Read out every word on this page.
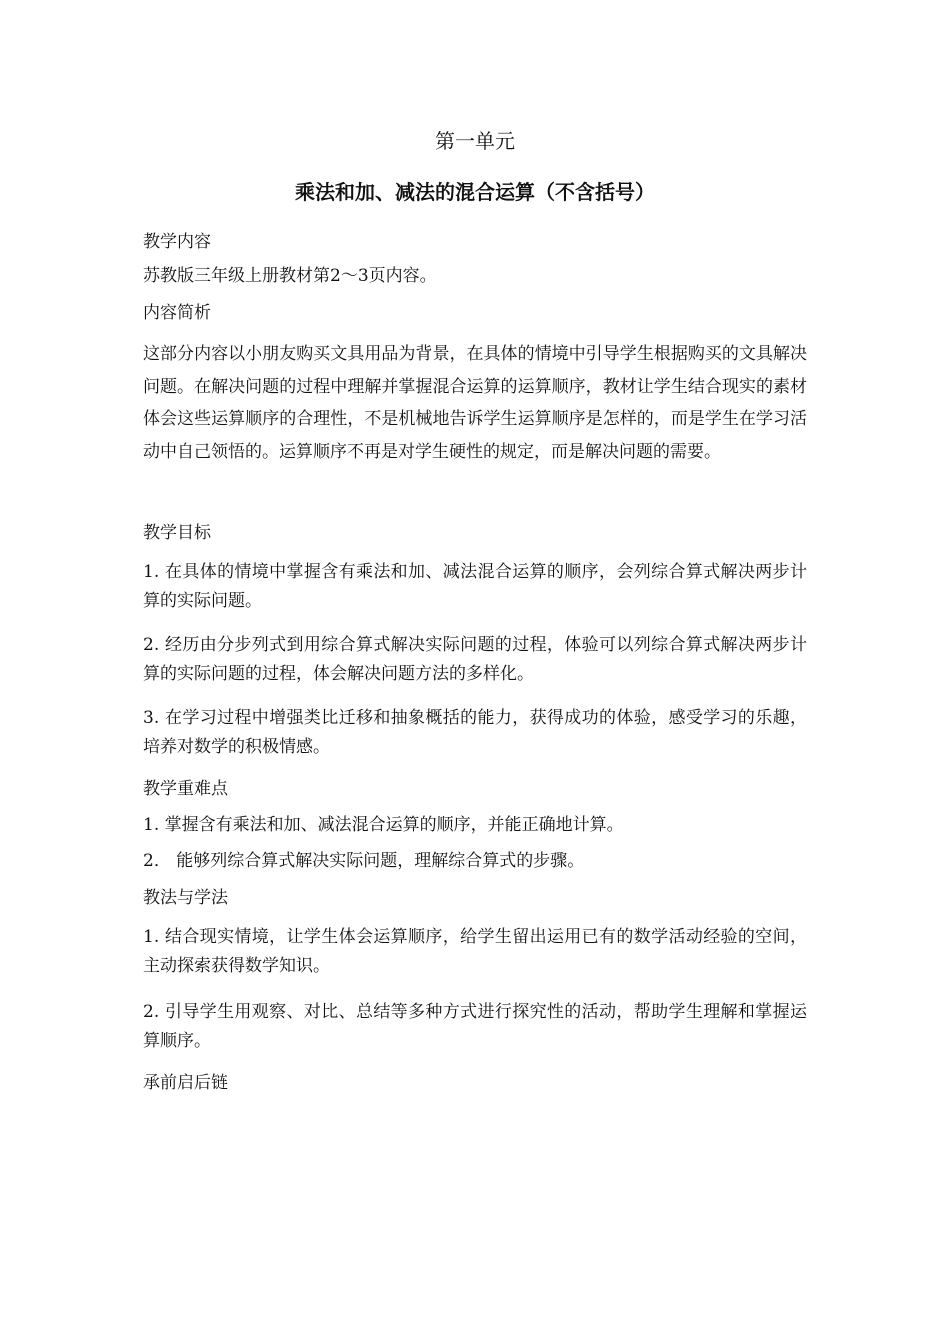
第一单元
乘法和加、减法的混合运算（不含括号）
教学内容
苏教版三年级上册教材第2～3页内容。
内容简析
这部分内容以小朋友购买文具用品为背景，在具体的情境中引导学生根据购买的文具解决问题。在解决问题的过程中理解并掌握混合运算的运算顺序，教材让学生结合现实的素材体会这些运算顺序的合理性，不是机械地告诉学生运算顺序是怎样的，而是学生在学习活动中自己领悟的。运算顺序不再是对学生硬性的规定，而是解决问题的需要。
教学目标
1. 在具体的情境中掌握含有乘法和加、减法混合运算的顺序，会列综合算式解决两步计算的实际问题。
2. 经历由分步列式到用综合算式解决实际问题的过程，体验可以列综合算式解决两步计算的实际问题的过程，体会解决问题方法的多样化。
3. 在学习过程中增强类比迁移和抽象概括的能力，获得成功的体验，感受学习的乐趣，培养对数学的积极情感。
教学重难点
1. 掌握含有乘法和加、减法混合运算的顺序，并能正确地计算。
2． 能够列综合算式解决实际问题，理解综合算式的步骤。
教法与学法
1. 结合现实情境，让学生体会运算顺序，给学生留出运用已有的数学活动经验的空间，主动探索获得数学知识。
2. 引导学生用观察、对比、总结等多种方式进行探究性的活动，帮助学生理解和掌握运算顺序。
承前启后链
